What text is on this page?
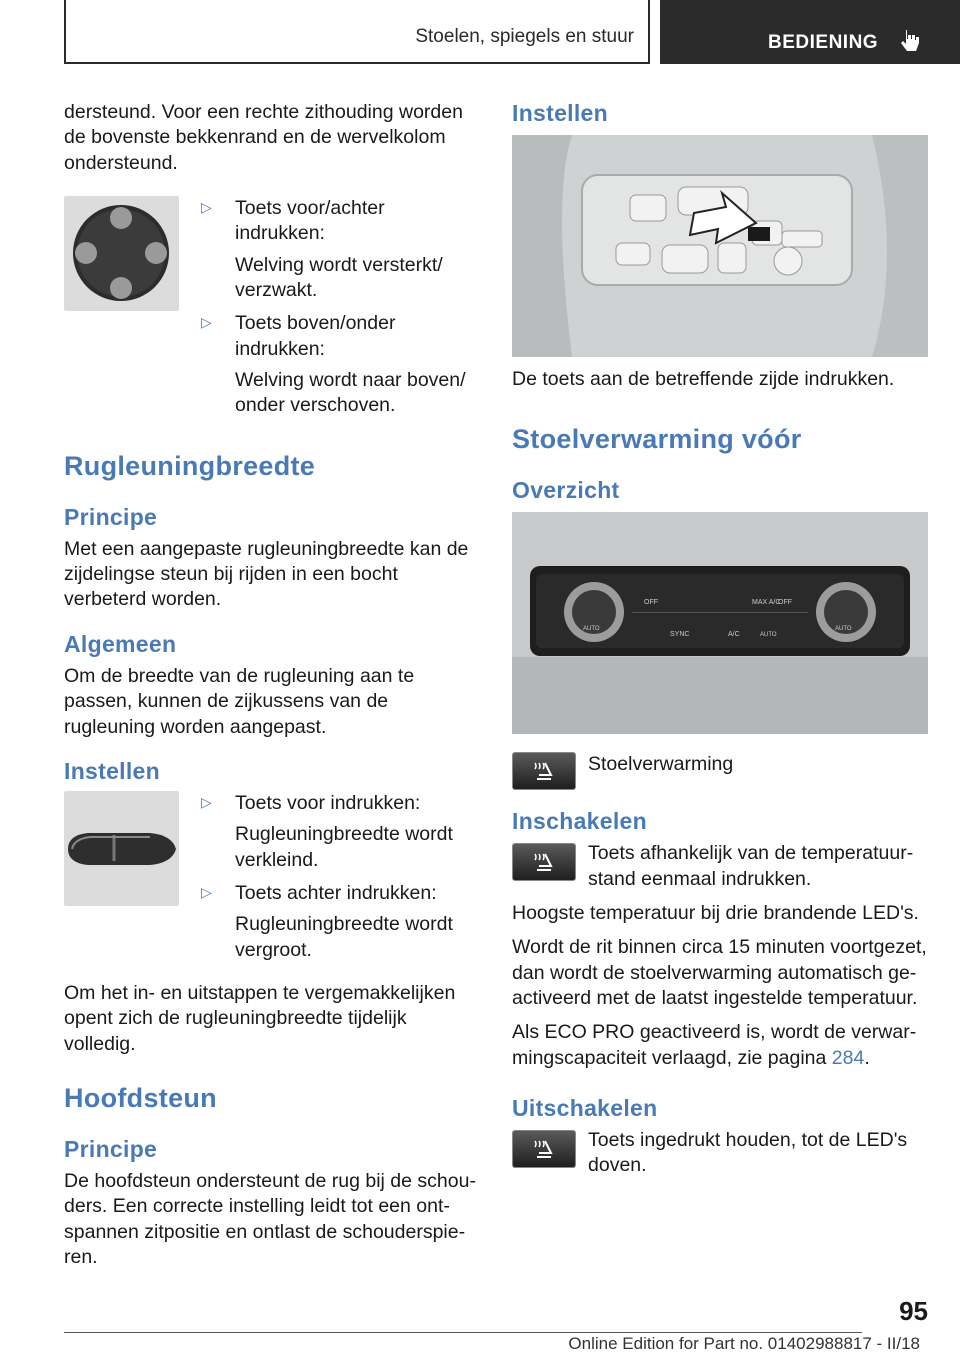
Stoelen, spiegels en stuur	BEDIENING

dersteund. Voor een rechte zithouding worden de bovenste bekkenrand en de wervelkolom ondersteund.

▷	Toets voor/achter indrukken:
Welving wordt versterkt/ verzwakt.
▷	Toets boven/onder indrukken:
Welving wordt naar boven/ onder verschoven.
Rugleuningbreedte
Principe

Met een aangepaste rugleuningbreedte kan de zijdelingse steun bij rijden in een bocht verbeterd worden.

Algemeen

Om de breedte van de rugleuning aan te passen, kunnen de zijkussens van de rugleuning worden aangepast.

Instellen
▷	Toets voor indrukken:
Rugleuningbreedte wordt verkleind.
▷	Toets achter indrukken:
Rugleuningbreedte wordt vergroot.

Om het in- en uitstappen te vergemakkelijken opent zich de rugleuningbreedte tijdelijk volledig.

Hoofdsteun
Principe

De hoofdsteun ondersteunt de rug bij de schouders. Een correcte instelling leidt tot een ontspannen zitpositie en ontlast de schouderspieren.

Instellen

De toets aan de betreffende zijde indrukken.

Stoelverwarming vóór
Overzicht
OFF	MAX A/C
OFF
AUTO
SYNC	A/C	AUTO
AUTO

Stoelverwarming

Inschakelen

Toets afhankelijk van de temperatuurstand eenmaal indrukken.

Hoogste temperatuur bij drie brandende LED's.

Wordt de rit binnen circa 15 minuten voortgezet, dan wordt de stoelverwarming automatisch geactiveerd met de laatst ingestelde temperatuur.

Als ECO PRO geactiveerd is, wordt de verwarmingscapaciteit verlaagd, zie pagina 284.

Uitschakelen

Toets ingedrukt houden, tot de LED's doven.

95
Online Edition for Part no. 01402988817 - II/18
